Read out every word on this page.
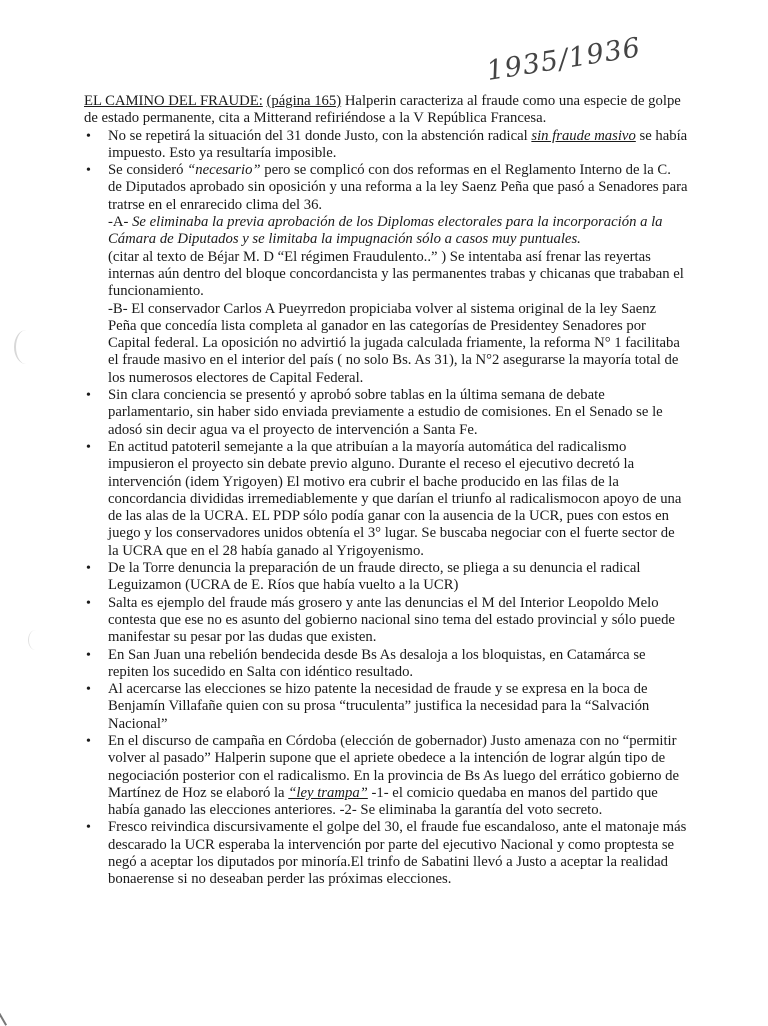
1935/1936

EL CAMINO DEL FRAUDE: (página 165) Halperin caracteriza al fraude como una especie de golpe de estado permanente, cita a Mitterand refiriéndose a la V República Francesa.

• No se repetirá la situación del 31 donde Justo, con la abstención radical sin fraude masivo se había impuesto. Esto ya resultaría imposible.
• Se consideró “necesario” pero se complicó con dos reformas en el Reglamento Interno de la C. de Diputados aprobado sin oposición y una reforma a la ley Saenz Peña que pasó a Senadores para tratrse en el enrarecido clima del 36.
-A- Se eliminaba la previa aprobación de los Diplomas electorales para la incorporación a la Cámara de Diputados y se limitaba la impugnación sólo a casos muy puntuales.
(citar al texto de Béjar M. D “El régimen Fraudulento..” ) Se intentaba así frenar las reyertas internas aún dentro del bloque concordancista y las permanentes trabas y chicanas que trababan el funcionamiento.
-B- El conservador Carlos A Pueyrredon propiciaba volver al sistema original de la ley Saenz Peña que concedía lista completa al ganador en las categorías de Presidentey Senadores por Capital federal. La oposición no advirtió la jugada calculada friamente, la reforma N° 1 facilitaba el fraude masivo en el interior del país ( no solo Bs. As 31), la N°2 asegurarse la mayoría total de los numerosos electores de Capital Federal.
• Sin clara conciencia se presentó y aprobó sobre tablas en la última semana de debate parlamentario, sin haber sido enviada previamente a estudio de comisiones. En el Senado se le adosó sin decir agua va el proyecto de intervención a Santa Fe.
• En actitud patoteril semejante a la que atribuían a la mayoría automática del radicalismo impusieron el proyecto sin debate previo alguno. Durante el receso el ejecutivo decretó la intervención (idem Yrigoyen) El motivo era cubrir el bache producido en las filas de la concordancia divididas irremediablemente y que darían el triunfo al radicalismocon apoyo de una de las alas de la UCRA. EL PDP sólo podía ganar con la ausencia de la UCR, pues con estos en juego y los conservadores unidos obtenía el 3° lugar. Se buscaba negociar con el fuerte sector de la UCRA que en el 28 había ganado al Yrigoyenismo.
• De la Torre denuncia la preparación de un fraude directo, se pliega a su denuncia el radical Leguizamon (UCRA de E. Ríos que había vuelto a la UCR)
• Salta es ejemplo del fraude más grosero y ante las denuncias el M del Interior Leopoldo Melo contesta que ese no es asunto del gobierno nacional sino tema del estado provincial y sólo puede manifestar su pesar por las dudas que existen.
• En San Juan una rebelión bendecida desde Bs As desaloja a los bloquistas, en Catamárca se repiten los sucedido en Salta con idéntico resultado.
• Al acercarse las elecciones se hizo patente la necesidad de fraude y se expresa en la boca de Benjamín Villafañe quien con su prosa “truculenta” justifica la necesidad para la “Salvación Nacional”
• En el discurso de campaña en Córdoba (elección de gobernador) Justo amenaza con no “permitir volver al pasado” Halperin supone que el apriete obedece a la intención de lograr algún tipo de negociación posterior con el radicalismo. En la provincia de Bs As luego del errático gobierno de Martínez de Hoz se elaboró la “ley trampa” -1- el comicio quedaba en manos del partido que había ganado las elecciones anteriores. -2- Se eliminaba la garantía del voto secreto.
• Fresco reivindica discursivamente el golpe del 30, el fraude fue escandaloso, ante el matonaje más descarado la UCR esperaba la intervención por parte del ejecutivo Nacional y como proptesta se negó a aceptar los diputados por minoría.El trinfo de Sabatini llevó a Justo a aceptar la realidad bonaerense si no deseaban perder las próximas elecciones.
